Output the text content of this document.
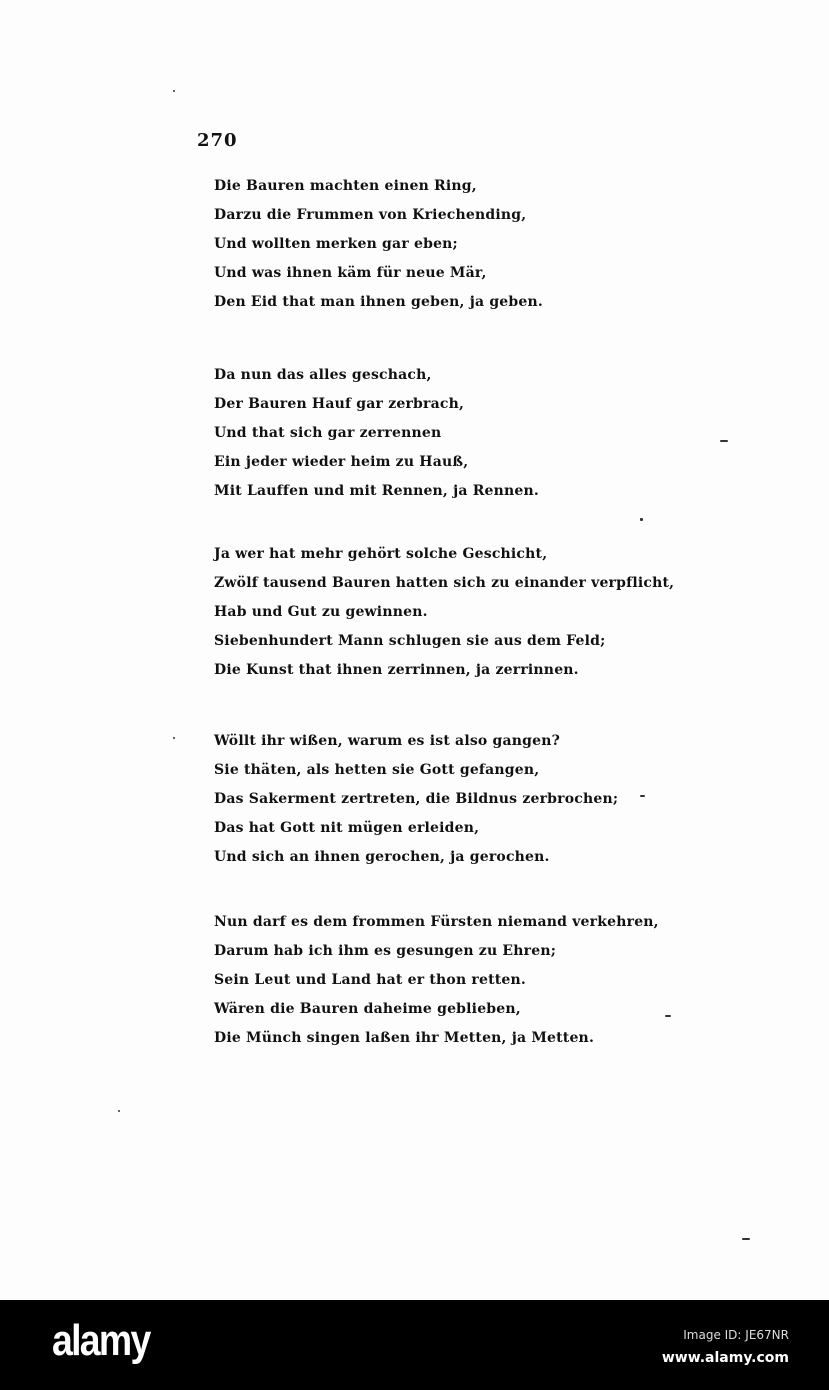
270
Die Bauren machten einen Ring,
Darzu die Frummen von Kriechending,
Und wollten merken gar eben;
Und was ihnen käm für neue Mär,
Den Eid that man ihnen geben, ja geben.
Da nun das alles geschach,
Der Bauren Hauf gar zerbrach,
Und that sich gar zerrennen
Ein jeder wieder heim zu Hauß,
Mit Lauffen und mit Rennen, ja Rennen.
Ja wer hat mehr gehört solche Geschicht,
Zwölf tausend Bauren hatten sich zu einander verpflicht,
Hab und Gut zu gewinnen.
Siebenhundert Mann schlugen sie aus dem Feld;
Die Kunst that ihnen zerrinnen, ja zerrinnen.
Wöllt ihr wißen, warum es ist also gangen?
Sie thäten, als hetten sie Gott gefangen,
Das Sakerment zertreten, die Bildnus zerbrochen;
Das hat Gott nit mügen erleiden,
Und sich an ihnen gerochen, ja gerochen.
Nun darf es dem frommen Fürsten niemand verkehren,
Darum hab ich ihm es gesungen zu Ehren;
Sein Leut und Land hat er thon retten.
Wären die Bauren daheime geblieben,
Die Münch singen laßen ihr Metten, ja Metten.
alamy	Image ID: JE67NR
www.alamy.com
